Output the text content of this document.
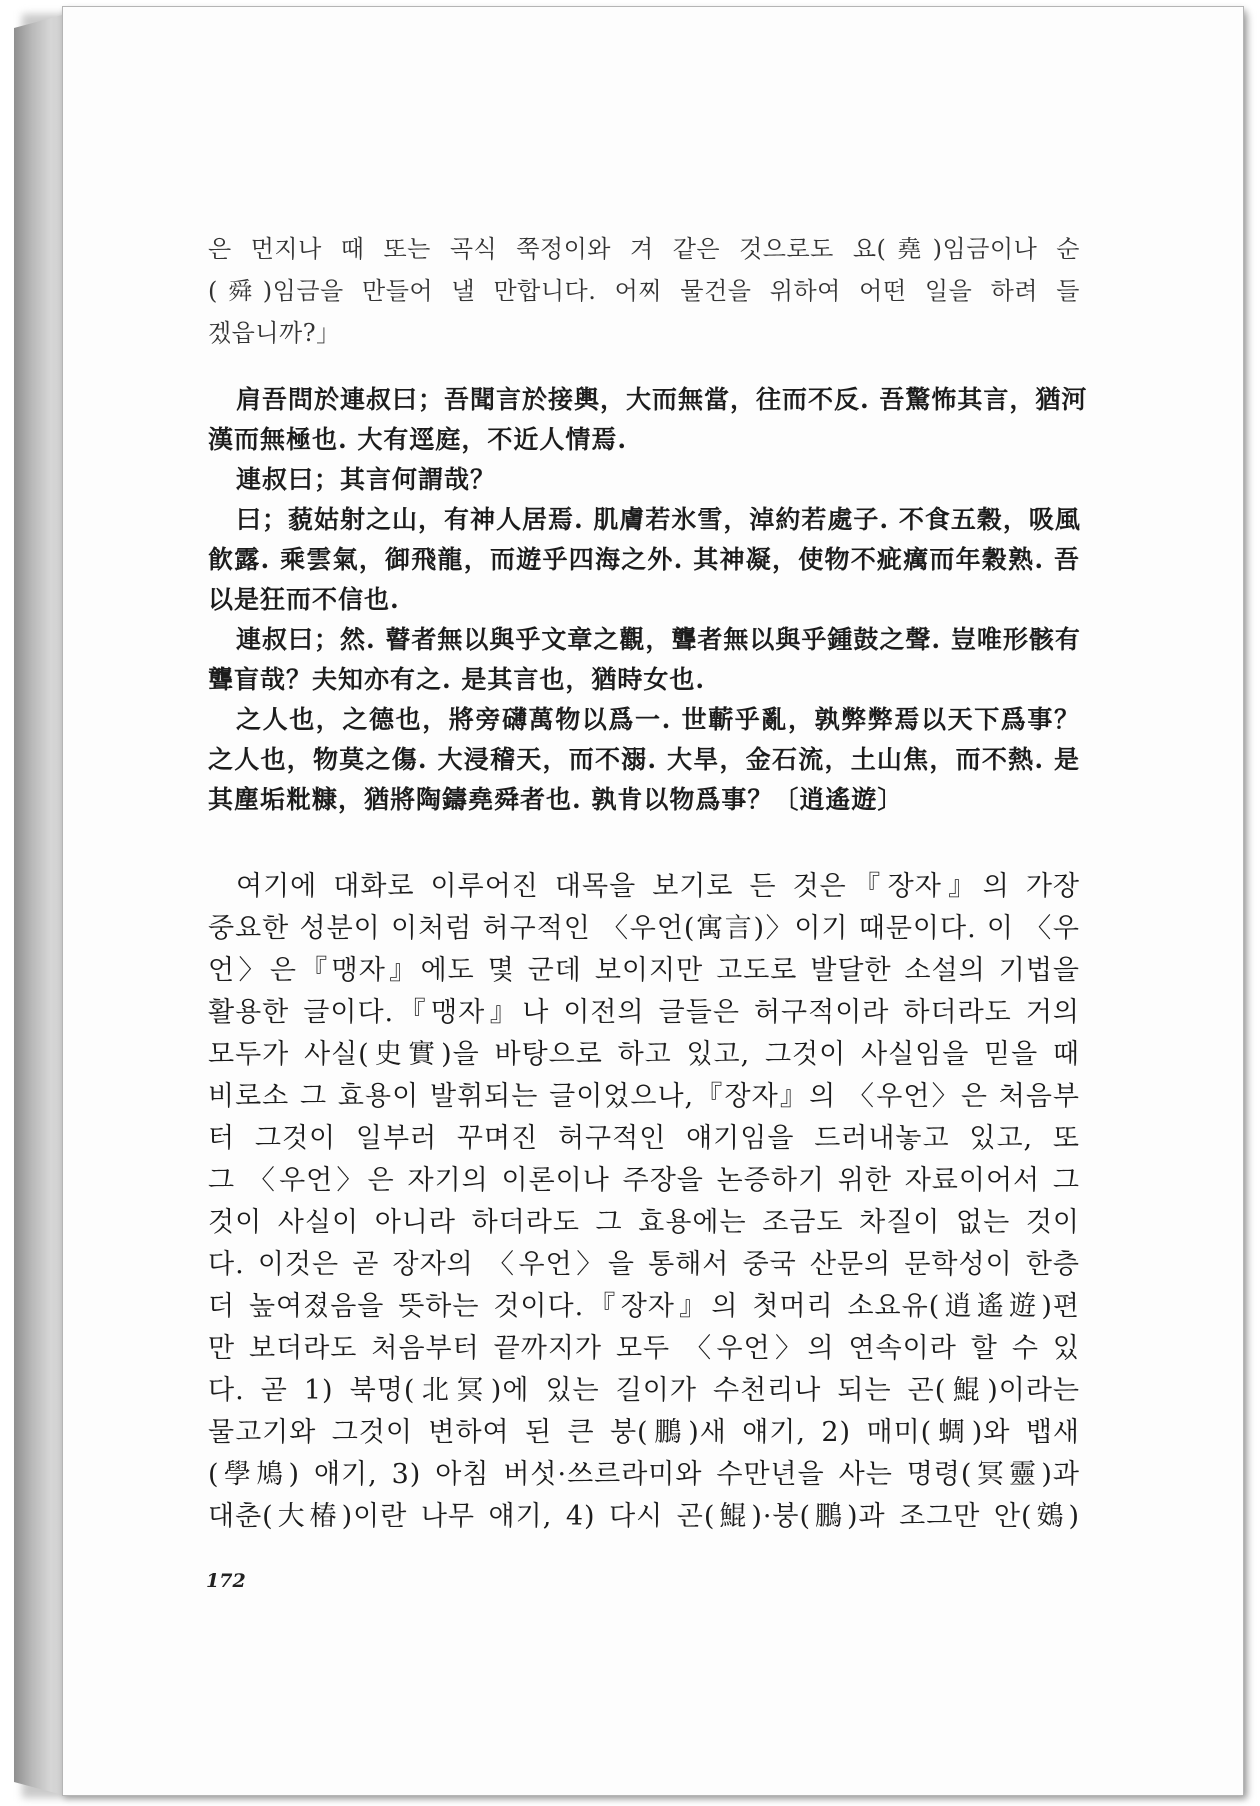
은 먼지나 때 또는 곡식 쭉정이와 겨 같은 것으로도 요(堯)임금이나 순
(舜)임금을 만들어 낼 만합니다. 어찌 물건을 위하여 어떤 일을 하려 들
겠읍니까?」
肩吾問於連叔曰；吾聞言於接輿，大而無當，往而不反. 吾驚怖其言，猶河
漢而無極也. 大有逕庭，不近人情焉.
連叔曰；其言何謂哉？
曰；藐姑射之山，有神人居焉. 肌膚若氷雪，淖約若處子. 不食五穀，吸風
飮露. 乘雲氣，御飛龍，而遊乎四海之外. 其神凝，使物不疵癘而年穀熟. 吾
以是狂而不信也.
連叔曰；然. 瞽者無以與乎文章之觀，聾者無以與乎鍾鼓之聲. 豈唯形骸有
聾盲哉？夫知亦有之. 是其言也，猶時女也.
之人也，之德也，將旁礴萬物以爲一. 世蘄乎亂，孰弊弊焉以天下爲事？
之人也，物莫之傷. 大浸稽天，而不溺. 大旱，金石流，土山焦，而不熱. 是
其塵垢粃糠，猶將陶鑄堯舜者也. 孰肯以物爲事？〔逍遙遊〕
여기에 대화로 이루어진 대목을 보기로 든 것은『장자』의 가장
중요한 성분이 이처럼 허구적인 〈우언(寓言)〉이기 때문이다. 이 〈우
언〉은『맹자』에도 몇 군데 보이지만 고도로 발달한 소설의 기법을
활용한 글이다.『맹자』나 이전의 글들은 허구적이라 하더라도 거의
모두가 사실(史實)을 바탕으로 하고 있고, 그것이 사실임을 믿을 때
비로소 그 효용이 발휘되는 글이었으나,『장자』의 〈우언〉은 처음부
터 그것이 일부러 꾸며진 허구적인 얘기임을 드러내놓고 있고, 또
그 〈우언〉은 자기의 이론이나 주장을 논증하기 위한 자료이어서 그
것이 사실이 아니라 하더라도 그 효용에는 조금도 차질이 없는 것이
다. 이것은 곧 장자의 〈우언〉을 통해서 중국 산문의 문학성이 한층
더 높여졌음을 뜻하는 것이다.『장자』의 첫머리 소요유(逍遙遊)편
만 보더라도 처음부터 끝까지가 모두 〈우언〉의 연속이라 할 수 있
다. 곧 1) 북명(北冥)에 있는 길이가 수천리나 되는 곤(鯤)이라는
물고기와 그것이 변하여 된 큰 붕(鵬)새 얘기, 2) 매미(蜩)와 뱁새
(學鳩) 얘기, 3) 아침 버섯·쓰르라미와 수만년을 사는 명령(冥靈)과
대춘(大椿)이란 나무 얘기, 4) 다시 곤(鯤)·붕(鵬)과 조그만 안(鴳)
172
